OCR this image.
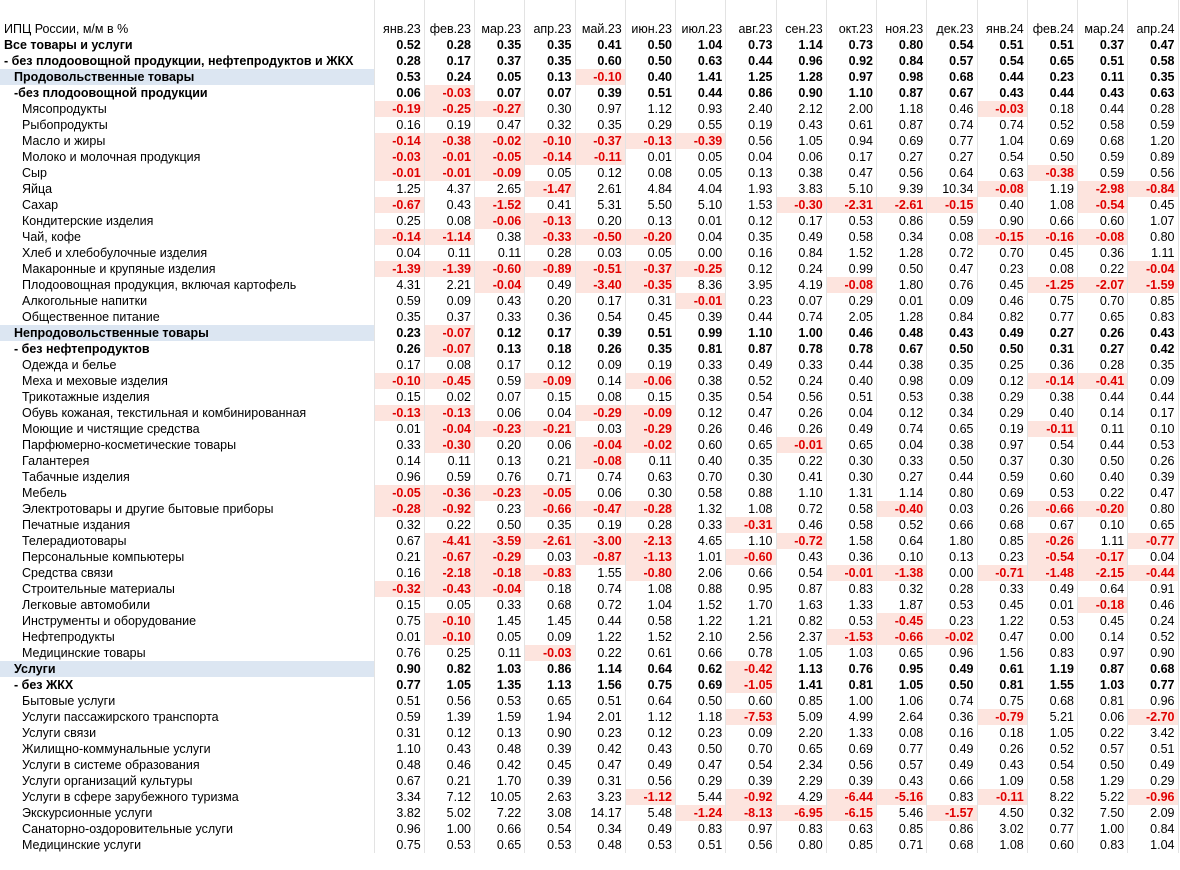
ИПЦ России, м/м в %	янв.23	фев.23	мар.23	апр.23	май.23	июн.23	июл.23	авг.23	сен.23	окт.23	ноя.23	дек.23	янв.24	фев.24	мар.24	апр.24
Все товары и услуги	0.52	0.28	0.35	0.35	0.41	0.50	1.04	0.73	1.14	0.73	0.80	0.54	0.51	0.51	0.37	0.47
- без плодоовощной продукции, нефтепродуктов и ЖКХ	0.28	0.17	0.37	0.35	0.60	0.50	0.63	0.44	0.96	0.92	0.84	0.57	0.54	0.65	0.51	0.58
Продовольственные товары	0.53	0.24	0.05	0.13	-0.10	0.40	1.41	1.25	1.28	0.97	0.98	0.68	0.44	0.23	0.11	0.35
-без плодоовощной продукции	0.06	-0.03	0.07	0.07	0.39	0.51	0.44	0.86	0.90	1.10	0.87	0.67	0.43	0.44	0.43	0.63
Мясопродукты	-0.19	-0.25	-0.27	0.30	0.97	1.12	0.93	2.40	2.12	2.00	1.18	0.46	-0.03	0.18	0.44	0.28
Рыбопродукты	0.16	0.19	0.47	0.32	0.35	0.29	0.55	0.19	0.43	0.61	0.87	0.74	0.74	0.52	0.58	0.59
Масло и жиры	-0.14	-0.38	-0.02	-0.10	-0.37	-0.13	-0.39	0.56	1.05	0.94	0.69	0.77	1.04	0.69	0.68	1.20
Молоко и молочная продукция	-0.03	-0.01	-0.05	-0.14	-0.11	0.01	0.05	0.04	0.06	0.17	0.27	0.27	0.54	0.50	0.59	0.89
Сыр	-0.01	-0.01	-0.09	0.05	0.12	0.08	0.05	0.13	0.38	0.47	0.56	0.64	0.63	-0.38	0.59	0.56
Яйца	1.25	4.37	2.65	-1.47	2.61	4.84	4.04	1.93	3.83	5.10	9.39	10.34	-0.08	1.19	-2.98	-0.84
Сахар	-0.67	0.43	-1.52	0.41	5.31	5.50	5.10	1.53	-0.30	-2.31	-2.61	-0.15	0.40	1.08	-0.54	0.45
Кондитерские изделия	0.25	0.08	-0.06	-0.13	0.20	0.13	0.01	0.12	0.17	0.53	0.86	0.59	0.90	0.66	0.60	1.07
Чай, кофе	-0.14	-1.14	0.38	-0.33	-0.50	-0.20	0.04	0.35	0.49	0.58	0.34	0.08	-0.15	-0.16	-0.08	0.80
Хлеб и хлебобулочные изделия	0.04	0.11	0.11	0.28	0.03	0.05	0.00	0.16	0.84	1.52	1.28	0.72	0.70	0.45	0.36	1.11
Макаронные и крупяные изделия	-1.39	-1.39	-0.60	-0.89	-0.51	-0.37	-0.25	0.12	0.24	0.99	0.50	0.47	0.23	0.08	0.22	-0.04
Плодоовощная продукция, включая картофель	4.31	2.21	-0.04	0.49	-3.40	-0.35	8.36	3.95	4.19	-0.08	1.80	0.76	0.45	-1.25	-2.07	-1.59
Алкогольные напитки	0.59	0.09	0.43	0.20	0.17	0.31	-0.01	0.23	0.07	0.29	0.01	0.09	0.46	0.75	0.70	0.85
Общественное питание	0.35	0.37	0.33	0.36	0.54	0.45	0.39	0.44	0.74	2.05	1.28	0.84	0.82	0.77	0.65	0.83
Непродовольственные товары	0.23	-0.07	0.12	0.17	0.39	0.51	0.99	1.10	1.00	0.46	0.48	0.43	0.49	0.27	0.26	0.43
- без нефтепродуктов	0.26	-0.07	0.13	0.18	0.26	0.35	0.81	0.87	0.78	0.78	0.67	0.50	0.50	0.31	0.27	0.42
Одежда и белье	0.17	0.08	0.17	0.12	0.09	0.19	0.33	0.49	0.33	0.44	0.38	0.35	0.25	0.36	0.28	0.35
Меха и меховые изделия	-0.10	-0.45	0.59	-0.09	0.14	-0.06	0.38	0.52	0.24	0.40	0.98	0.09	0.12	-0.14	-0.41	0.09
Трикотажные изделия	0.15	0.02	0.07	0.15	0.08	0.15	0.35	0.54	0.56	0.51	0.53	0.38	0.29	0.38	0.44	0.44
Обувь кожаная, текстильная и комбинированная	-0.13	-0.13	0.06	0.04	-0.29	-0.09	0.12	0.47	0.26	0.04	0.12	0.34	0.29	0.40	0.14	0.17
Моющие и чистящие средства	0.01	-0.04	-0.23	-0.21	0.03	-0.29	0.26	0.46	0.26	0.49	0.74	0.65	0.19	-0.11	0.11	0.10
Парфюмерно-косметические товары	0.33	-0.30	0.20	0.06	-0.04	-0.02	0.60	0.65	-0.01	0.65	0.04	0.38	0.97	0.54	0.44	0.53
Галантерея	0.14	0.11	0.13	0.21	-0.08	0.11	0.40	0.35	0.22	0.30	0.33	0.50	0.37	0.30	0.50	0.26
Табачные изделия	0.96	0.59	0.76	0.71	0.74	0.63	0.70	0.30	0.41	0.30	0.27	0.44	0.59	0.60	0.40	0.39
Мебель	-0.05	-0.36	-0.23	-0.05	0.06	0.30	0.58	0.88	1.10	1.31	1.14	0.80	0.69	0.53	0.22	0.47
Электротовары и другие бытовые приборы	-0.28	-0.92	0.23	-0.66	-0.47	-0.28	1.32	1.08	0.72	0.58	-0.40	0.03	0.26	-0.66	-0.20	0.80
Печатные издания	0.32	0.22	0.50	0.35	0.19	0.28	0.33	-0.31	0.46	0.58	0.52	0.66	0.68	0.67	0.10	0.65
Телерадиотовары	0.67	-4.41	-3.59	-2.61	-3.00	-2.13	4.65	1.10	-0.72	1.58	0.64	1.80	0.85	-0.26	1.11	-0.77
Персональные компьютеры	0.21	-0.67	-0.29	0.03	-0.87	-1.13	1.01	-0.60	0.43	0.36	0.10	0.13	0.23	-0.54	-0.17	0.04
Средства связи	0.16	-2.18	-0.18	-0.83	1.55	-0.80	2.06	0.66	0.54	-0.01	-1.38	0.00	-0.71	-1.48	-2.15	-0.44
Строительные материалы	-0.32	-0.43	-0.04	0.18	0.74	1.08	0.88	0.95	0.87	0.83	0.32	0.28	0.33	0.49	0.64	0.91
Легковые автомобили	0.15	0.05	0.33	0.68	0.72	1.04	1.52	1.70	1.63	1.33	1.87	0.53	0.45	0.01	-0.18	0.46
Инструменты и оборудование	0.75	-0.10	1.45	1.45	0.44	0.58	1.22	1.21	0.82	0.53	-0.45	0.23	1.22	0.53	0.45	0.24
Нефтепродукты	0.01	-0.10	0.05	0.09	1.22	1.52	2.10	2.56	2.37	-1.53	-0.66	-0.02	0.47	0.00	0.14	0.52
Медицинские товары	0.76	0.25	0.11	-0.03	0.22	0.61	0.66	0.78	1.05	1.03	0.65	0.96	1.56	0.83	0.97	0.90
Услуги	0.90	0.82	1.03	0.86	1.14	0.64	0.62	-0.42	1.13	0.76	0.95	0.49	0.61	1.19	0.87	0.68
- без ЖКХ	0.77	1.05	1.35	1.13	1.56	0.75	0.69	-1.05	1.41	0.81	1.05	0.50	0.81	1.55	1.03	0.77
Бытовые услуги	0.51	0.56	0.53	0.65	0.51	0.64	0.50	0.60	0.85	1.00	1.06	0.74	0.75	0.68	0.81	0.96
Услуги пассажирского транспорта	0.59	1.39	1.59	1.94	2.01	1.12	1.18	-7.53	5.09	4.99	2.64	0.36	-0.79	5.21	0.06	-2.70
Услуги связи	0.31	0.12	0.13	0.90	0.23	0.12	0.23	0.09	2.20	1.33	0.08	0.16	0.18	1.05	0.22	3.42
Жилищно-коммунальные услуги	1.10	0.43	0.48	0.39	0.42	0.43	0.50	0.70	0.65	0.69	0.77	0.49	0.26	0.52	0.57	0.51
Услуги в системе образования	0.48	0.46	0.42	0.45	0.47	0.49	0.47	0.54	2.34	0.56	0.57	0.49	0.43	0.54	0.50	0.49
Услуги организаций культуры	0.67	0.21	1.70	0.39	0.31	0.56	0.29	0.39	2.29	0.39	0.43	0.66	1.09	0.58	1.29	0.29
Услуги в сфере зарубежного туризма	3.34	7.12	10.05	2.63	3.23	-1.12	5.44	-0.92	4.29	-6.44	-5.16	0.83	-0.11	8.22	5.22	-0.96
Экскурсионные услуги	3.82	5.02	7.22	3.08	14.17	5.48	-1.24	-8.13	-6.95	-6.15	5.46	-1.57	4.50	0.32	7.50	2.09
Санаторно-оздоровительные услуги	0.96	1.00	0.66	0.54	0.34	0.49	0.83	0.97	0.83	0.63	0.85	0.86	3.02	0.77	1.00	0.84
Медицинские услуги	0.75	0.53	0.65	0.53	0.48	0.53	0.51	0.56	0.80	0.85	0.71	0.68	1.08	0.60	0.83	1.04
